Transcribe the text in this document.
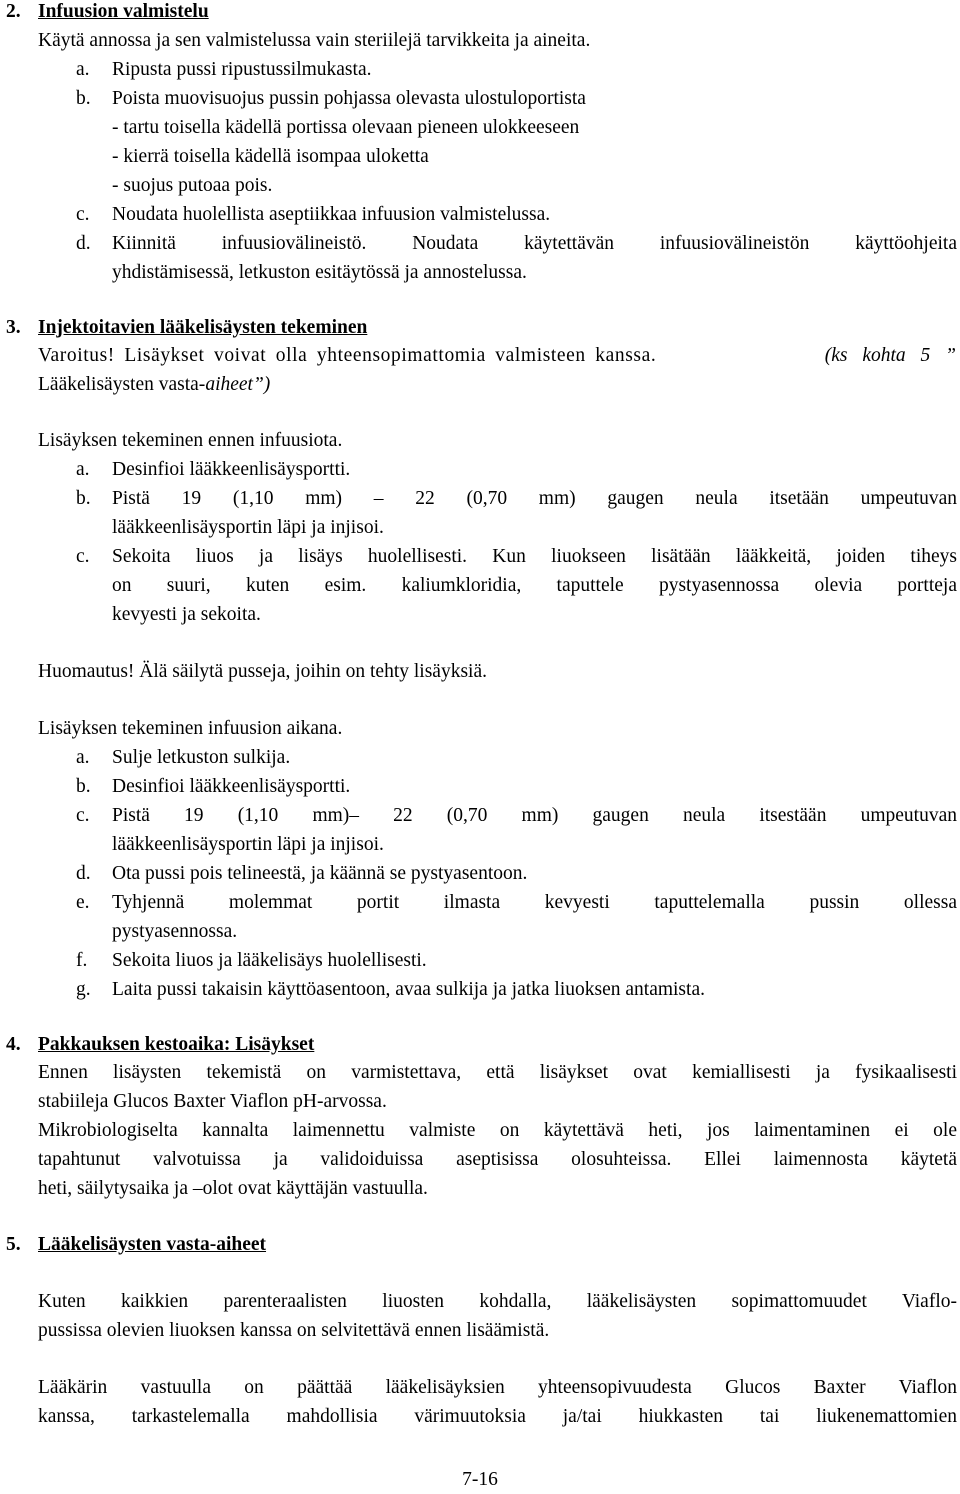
2. Infuusion valmistelu
Käytä annossa ja sen valmistelussa vain steriilejä tarvikkeita ja aineita.
a. Ripusta pussi ripustussilmukasta.
b. Poista muovisuojus pussin pohjassa olevasta ulostuloportista
- tartu toisella kädellä portissa olevaan pieneen ulokkeeseen
- kierrä toisella kädellä isompaa uloketta
- suojus putoaa pois.
c. Noudata huolellista aseptiikkaa infuusion valmistelussa.
d. Kiinnitä infuusiovälineistö. Noudata käytettävän infuusiovälineistön käyttöohjeita
yhdistämisessä, letkuston esitäytössä ja annostelussa.
3. Injektoitavien lääkelisäysten tekeminen
Varoitus! Lisäykset voivat olla yhteensopimattomia valmisteen kanssa.	(ks kohta 5 ”
Lääkelisäysten vasta-aiheet”)
Lisäyksen tekeminen ennen infuusiota.
a. Desinfioi lääkkeenlisäysportti.
b. Pistä 19 (1,10 mm) – 22 (0,70 mm) gaugen neula itsetään umpeutuvan
lääkkeenlisäysportin läpi ja injisoi.
c. Sekoita liuos ja lisäys huolellisesti. Kun liuokseen lisätään lääkkeitä, joiden tiheys
on suuri, kuten esim. kaliumkloridia, taputtele pystyasennossa olevia portteja
kevyesti ja sekoita.
Huomautus! Älä säilytä pusseja, joihin on tehty lisäyksiä.
Lisäyksen tekeminen infuusion aikana.
a. Sulje letkuston sulkija.
b. Desinfioi lääkkeenlisäysportti.
c. Pistä 19 (1,10 mm)– 22 (0,70 mm) gaugen neula itsestään umpeutuvan
lääkkeenlisäysportin läpi ja injisoi.
d. Ota pussi pois telineestä, ja käännä se pystyasentoon.
e. Tyhjennä molemmat portit ilmasta kevyesti taputtelemalla pussin ollessa
pystyasennossa.
f. Sekoita liuos ja lääkelisäys huolellisesti.
g. Laita pussi takaisin käyttöasentoon, avaa sulkija ja jatka liuoksen antamista.
4. Pakkauksen kestoaika: Lisäykset
Ennen lisäysten tekemistä on varmistettava, että lisäykset ovat kemiallisesti ja fysikaalisesti
stabiileja Glucos Baxter Viaflon pH-arvossa.
Mikrobiologiselta kannalta laimennettu valmiste on käytettävä heti, jos laimentaminen ei ole
tapahtunut valvotuissa ja validoiduissa aseptisissa olosuhteissa. Ellei laimennosta käytetä
heti, säilytysaika ja –olot ovat käyttäjän vastuulla.
5. Lääkelisäysten vasta-aiheet
Kuten kaikkien parenteraalisten liuosten kohdalla, lääkelisäysten sopimattomuudet Viaflo-
pussissa olevien liuoksen kanssa on selvitettävä ennen lisäämistä.
Lääkärin vastuulla on päättää lääkelisäyksien yhteensopivuudesta Glucos Baxter Viaflon
kanssa, tarkastelemalla mahdollisia värimuutoksia ja/tai hiukkasten tai liukenemattomien
7-16
